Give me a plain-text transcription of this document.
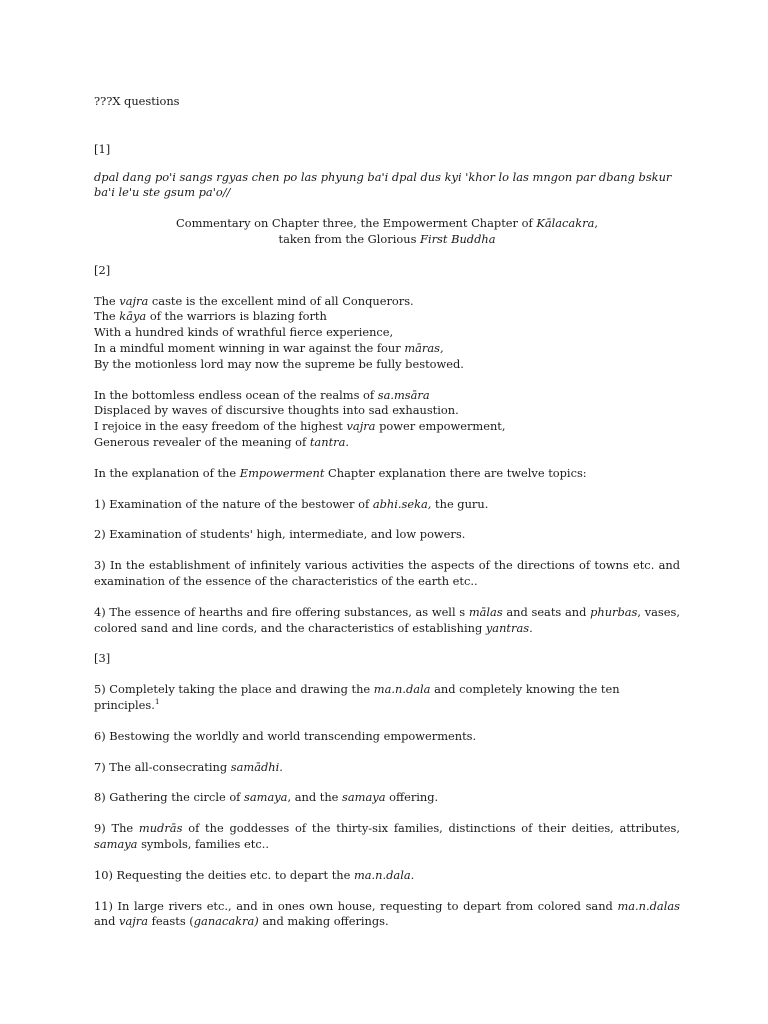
???X questions

[1]

dpal dang po'i sangs rgyas chen po las phyung ba'i dpal dus kyi 'khor lo las mngon par dbang bskur ba'i le'u ste gsum pa'o//

Commentary on Chapter three, the Empowerment Chapter of Kālacakra,

taken from the Glorious First Buddha

[2]

The vajra caste is the excellent mind of all Conquerors.

The kāya of the warriors is blazing forth

With a hundred kinds of wrathful fierce experience,

In a mindful moment winning in war against the four māras,

By the motionless lord may now the supreme be fully bestowed.

In the bottomless endless ocean of the realms of sa.msāra

Displaced by waves of discursive thoughts into sad exhaustion.

I rejoice in the easy freedom of the highest vajra power empowerment,

Generous revealer of the meaning of tantra.

In the explanation of the Empowerment Chapter explanation there are twelve topics:

1) Examination of the nature of the bestower of abhi.seka, the guru.

2) Examination of students' high, intermediate, and low powers.

3) In the establishment of infinitely various activities the aspects of the directions of towns etc. and examination of the essence of the characteristics of the earth etc..

4) The essence of hearths and fire offering substances, as well s mālas and seats and phurbas, vases, colored sand and line cords, and the characteristics of establishing yantras.

[3]

5) Completely taking the place and drawing the ma.n.dala and completely knowing the ten principles.$^1$

6) Bestowing the worldly and world transcending empowerments.

7) The all-consecrating samādhi.

8) Gathering the circle of samaya, and the samaya offering.

9) The mudrās of the goddesses of the thirty-six families, distinctions of their deities, attributes, samaya symbols, families etc..

10) Requesting the deities etc. to depart the ma.n.dala.

11) In large rivers etc., and in ones own house, requesting to depart from colored sand ma.n.dalas and vajra feasts (ganacakra) and making offerings.
